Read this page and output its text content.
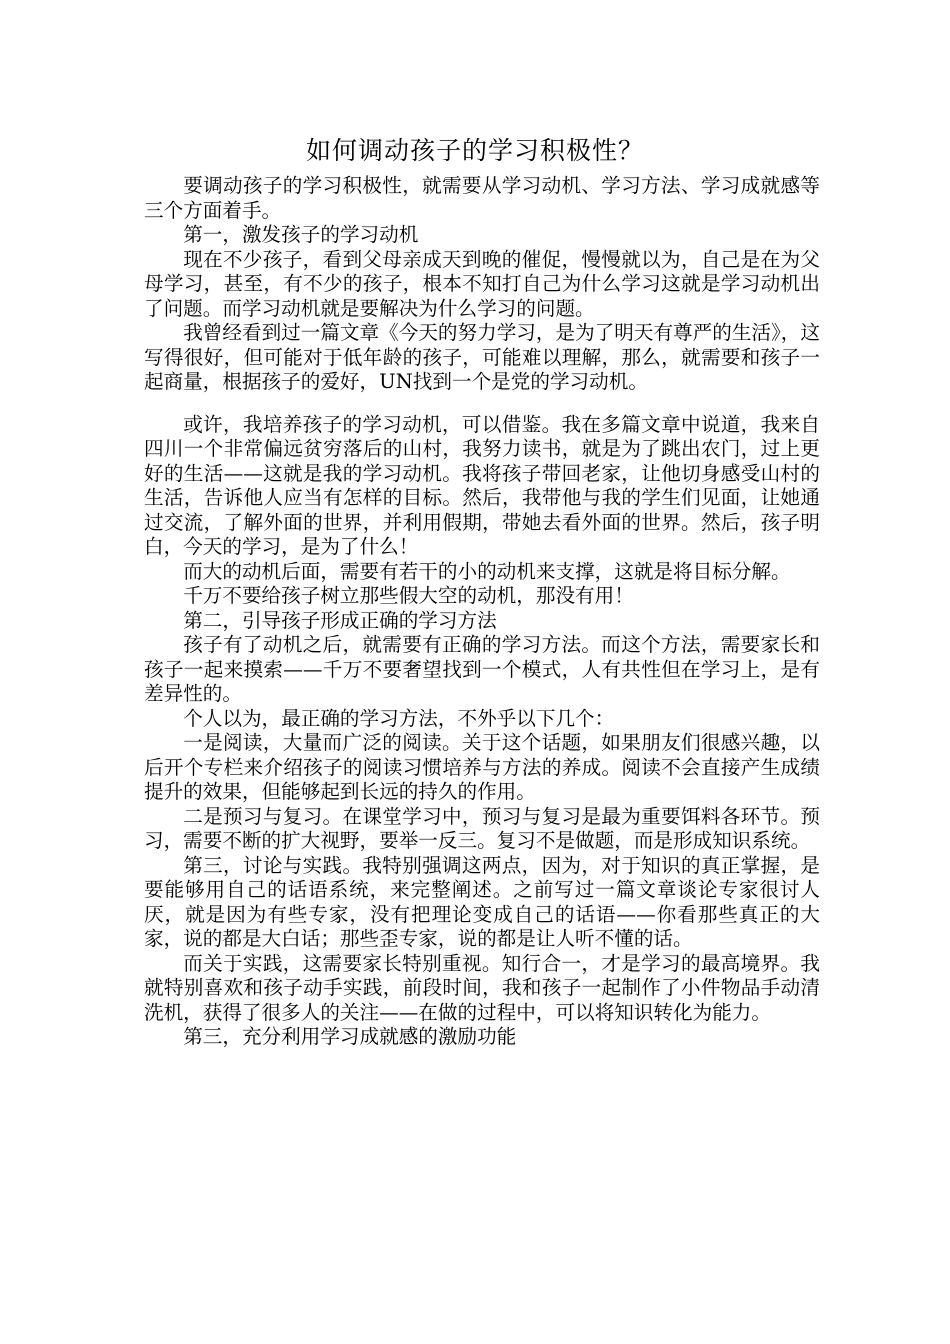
如何调动孩子的学习积极性？

要调动孩子的学习积极性，就需要从学习动机、学习方法、学习成就感等三个方面着手。

第一，激发孩子的学习动机

现在不少孩子，看到父母亲成天到晚的催促，慢慢就以为，自己是在为父母学习，甚至，有不少的孩子，根本不知打自己为什么学习这就是学习动机出了问题。而学习动机就是要解决为什么学习的问题。

我曾经看到过一篇文章《今天的努力学习，是为了明天有尊严的生活》，这写得很好，但可能对于低年龄的孩子，可能难以理解，那么，就需要和孩子一起商量，根据孩子的爱好，UN找到一个是党的学习动机。

或许，我培养孩子的学习动机，可以借鉴。我在多篇文章中说道，我来自四川一个非常偏远贫穷落后的山村，我努力读书，就是为了跳出农门，过上更好的生活——这就是我的学习动机。我将孩子带回老家，让他切身感受山村的生活，告诉他人应当有怎样的目标。然后，我带他与我的学生们见面，让她通过交流，了解外面的世界，并利用假期，带她去看外面的世界。然后，孩子明白，今天的学习，是为了什么！

而大的动机后面，需要有若干的小的动机来支撑，这就是将目标分解。

千万不要给孩子树立那些假大空的动机，那没有用！

第二，引导孩子形成正确的学习方法

孩子有了动机之后，就需要有正确的学习方法。而这个方法，需要家长和孩子一起来摸索——千万不要奢望找到一个模式，人有共性但在学习上，是有差异性的。

个人以为，最正确的学习方法，不外乎以下几个：

一是阅读，大量而广泛的阅读。关于这个话题，如果朋友们很感兴趣，以后开个专栏来介绍孩子的阅读习惯培养与方法的养成。阅读不会直接产生成绩提升的效果，但能够起到长远的持久的作用。

二是预习与复习。在课堂学习中，预习与复习是最为重要饵料各环节。预习，需要不断的扩大视野，要举一反三。复习不是做题，而是形成知识系统。

第三，讨论与实践。我特别强调这两点，因为，对于知识的真正掌握，是要能够用自己的话语系统，来完整阐述。之前写过一篇文章谈论专家很讨人厌，就是因为有些专家，没有把理论变成自己的话语——你看那些真正的大家，说的都是大白话；那些歪专家，说的都是让人听不懂的话。

而关于实践，这需要家长特别重视。知行合一，才是学习的最高境界。我就特别喜欢和孩子动手实践，前段时间，我和孩子一起制作了小件物品手动清洗机，获得了很多人的关注——在做的过程中，可以将知识转化为能力。

第三，充分利用学习成就感的激励功能
